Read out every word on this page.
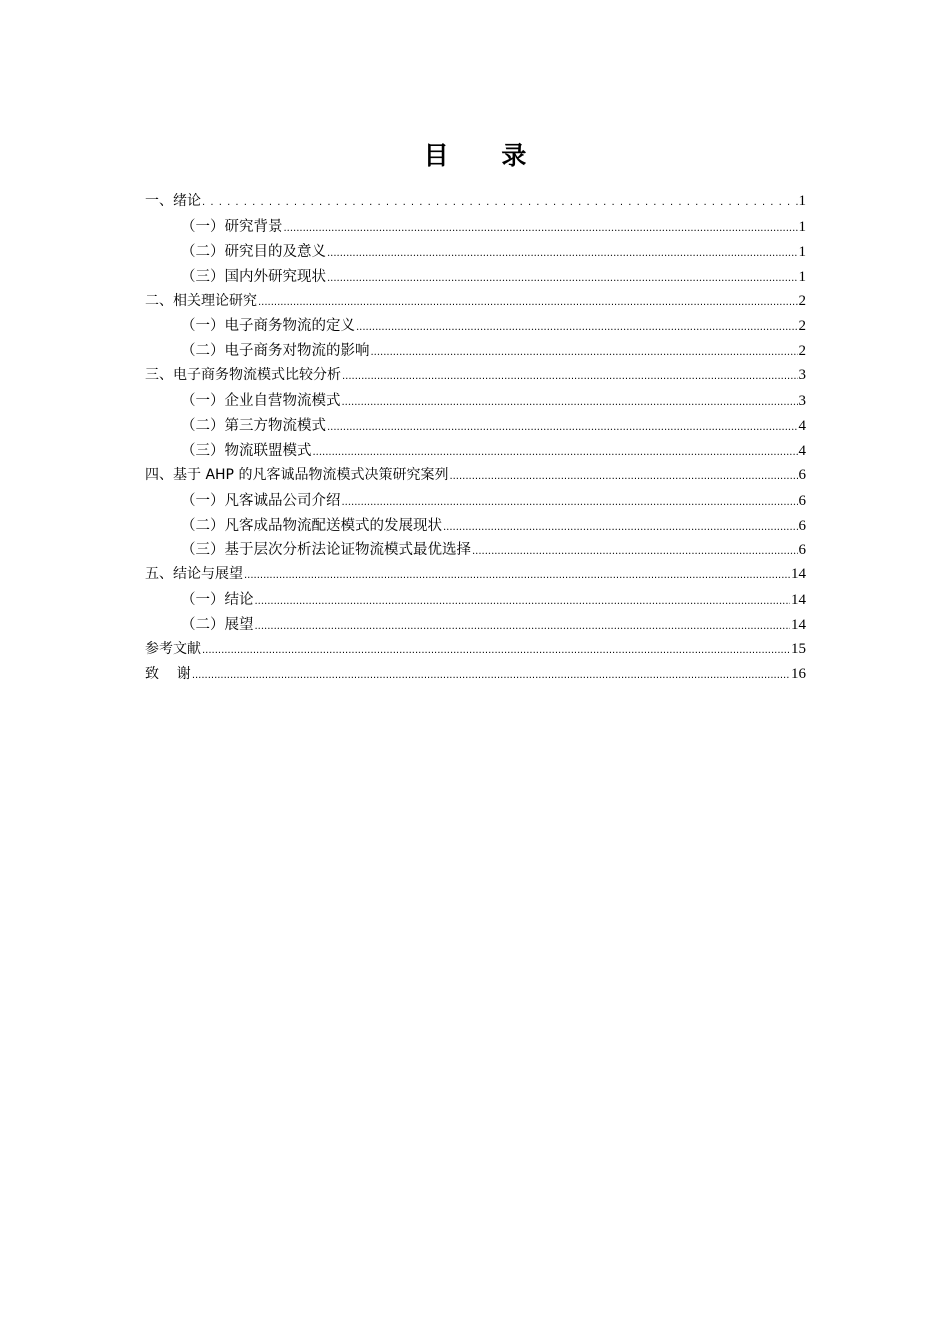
目 录
一、绪论 . . .	1
（一）研究背景 .....	1
（二）研究目的及意义 .....	1
（三）国内外研究现状 .....	1
二、相关理论研究 .....	2
（一）电子商务物流的定义 .....	2
（二）电子商务对物流的影响 .....	2
三、电子商务物流模式比较分析 .....	3
（一）企业自营物流模式 .....	3
（二）第三方物流模式 .....	4
（三）物流联盟模式 .....	4
四、基于 AHP 的凡客诚品物流模式决策研究案列 .....	6
（一）凡客诚品公司介绍 .....	6
（二）凡客成品物流配送模式的发展现状 .....	6
（三）基于层次分析法论证物流模式最优选择 .....	6
五、结论与展望 .....	14
（一）结论 .....	14
（二）展望 .....	14
参考文献 .....	15
致    谢 .....	16
